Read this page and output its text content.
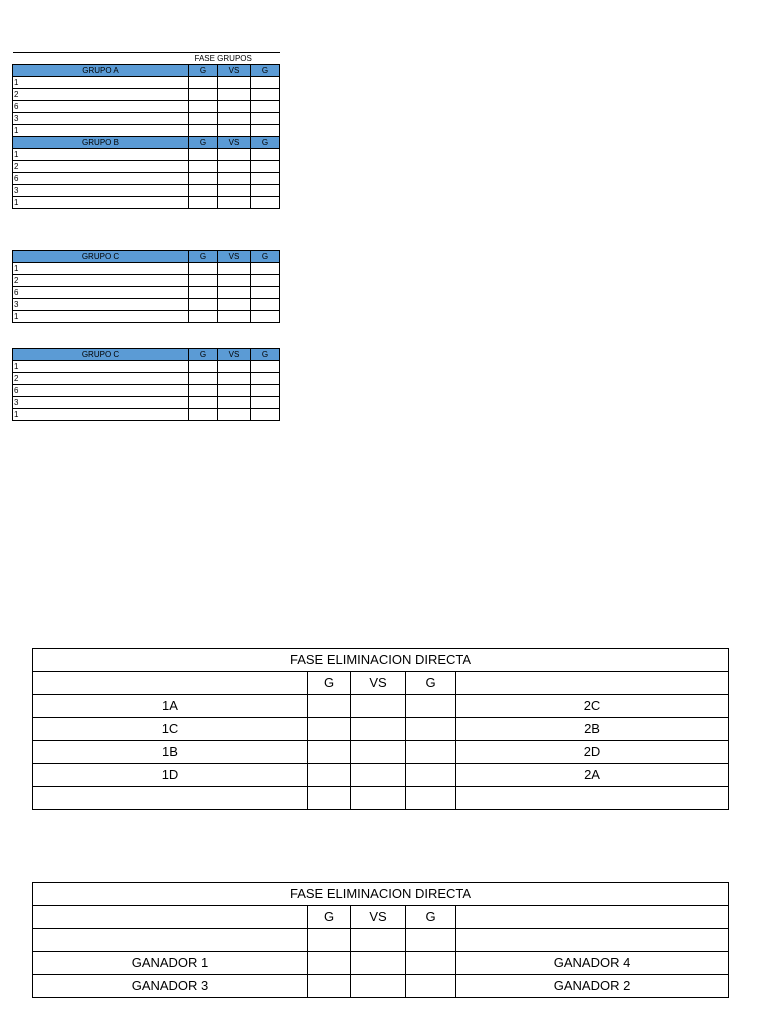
	FASE GRUPOS		
GRUPO A	G	VS	G
1			
2			
6			
3			
1			
GRUPO B	G	VS	G
1			
2			
6			
3			
1			
GRUPO C	G	VS	G
1			
2			
6			
3			
1			
GRUPO C	G	VS	G
1			
2			
6			
3			
1			
FASE ELIMINACION DIRECTA				
	G	VS	G	
1A				2C
1C				2B
1B				2D
1D				2A

FASE ELIMINACION DIRECTA				
	G	VS	G	

GANADOR 1				GANADOR 4
GANADOR 3				GANADOR 2
